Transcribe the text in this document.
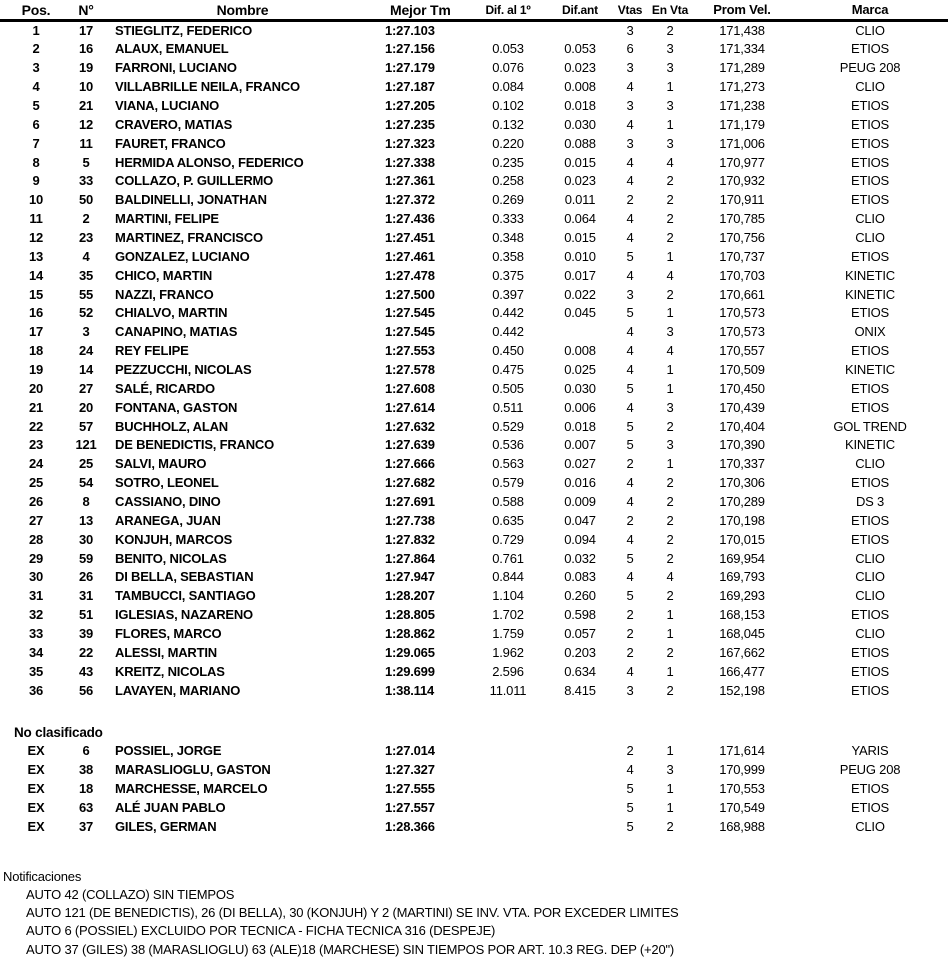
Pos.	N°	Nombre	Mejor Tm	Dif. al 1º	Dif.ant	Vtas	En Vta	Prom Vel.	Marca
1	17	STIEGLITZ, FEDERICO	1:27.103			3	2	171,438	CLIO
2	16	ALAUX, EMANUEL	1:27.156	0.053	0.053	6	3	171,334	ETIOS
3	19	FARRONI, LUCIANO	1:27.179	0.076	0.023	3	3	171,289	PEUG 208
4	10	VILLABRILLE NEILA, FRANCO	1:27.187	0.084	0.008	4	1	171,273	CLIO
5	21	VIANA, LUCIANO	1:27.205	0.102	0.018	3	3	171,238	ETIOS
6	12	CRAVERO, MATIAS	1:27.235	0.132	0.030	4	1	171,179	ETIOS
7	11	FAURET, FRANCO	1:27.323	0.220	0.088	3	3	171,006	ETIOS
8	5	HERMIDA ALONSO, FEDERICO	1:27.338	0.235	0.015	4	4	170,977	ETIOS
9	33	COLLAZO, P. GUILLERMO	1:27.361	0.258	0.023	4	2	170,932	ETIOS
10	50	BALDINELLI, JONATHAN	1:27.372	0.269	0.011	2	2	170,911	ETIOS
11	2	MARTINI, FELIPE	1:27.436	0.333	0.064	4	2	170,785	CLIO
12	23	MARTINEZ, FRANCISCO	1:27.451	0.348	0.015	4	2	170,756	CLIO
13	4	GONZALEZ, LUCIANO	1:27.461	0.358	0.010	5	1	170,737	ETIOS
14	35	CHICO, MARTIN	1:27.478	0.375	0.017	4	4	170,703	KINETIC
15	55	NAZZI, FRANCO	1:27.500	0.397	0.022	3	2	170,661	KINETIC
16	52	CHIALVO, MARTIN	1:27.545	0.442	0.045	5	1	170,573	ETIOS
17	3	CANAPINO, MATIAS	1:27.545	0.442		4	3	170,573	ONIX
18	24	REY FELIPE	1:27.553	0.450	0.008	4	4	170,557	ETIOS
19	14	PEZZUCCHI, NICOLAS	1:27.578	0.475	0.025	4	1	170,509	KINETIC
20	27	SALÉ, RICARDO	1:27.608	0.505	0.030	5	1	170,450	ETIOS
21	20	FONTANA, GASTON	1:27.614	0.511	0.006	4	3	170,439	ETIOS
22	57	BUCHHOLZ, ALAN	1:27.632	0.529	0.018	5	2	170,404	GOL TREND
23	121	DE BENEDICTIS, FRANCO	1:27.639	0.536	0.007	5	3	170,390	KINETIC
24	25	SALVI, MAURO	1:27.666	0.563	0.027	2	1	170,337	CLIO
25	54	SOTRO, LEONEL	1:27.682	0.579	0.016	4	2	170,306	ETIOS
26	8	CASSIANO, DINO	1:27.691	0.588	0.009	4	2	170,289	DS 3
27	13	ARANEGA, JUAN	1:27.738	0.635	0.047	2	2	170,198	ETIOS
28	30	KONJUH, MARCOS	1:27.832	0.729	0.094	4	2	170,015	ETIOS
29	59	BENITO, NICOLAS	1:27.864	0.761	0.032	5	2	169,954	CLIO
30	26	DI BELLA, SEBASTIAN	1:27.947	0.844	0.083	4	4	169,793	CLIO
31	31	TAMBUCCI, SANTIAGO	1:28.207	1.104	0.260	5	2	169,293	CLIO
32	51	IGLESIAS, NAZARENO	1:28.805	1.702	0.598	2	1	168,153	ETIOS
33	39	FLORES, MARCO	1:28.862	1.759	0.057	2	1	168,045	CLIO
34	22	ALESSI, MARTIN	1:29.065	1.962	0.203	2	2	167,662	ETIOS
35	43	KREITZ, NICOLAS	1:29.699	2.596	0.634	4	1	166,477	ETIOS
36	56	LAVAYEN, MARIANO	1:38.114	11.011	8.415	3	2	152,198	ETIOS
No clasificado
EX	6	POSSIEL, JORGE	1:27.014			2	1	171,614	YARIS
EX	38	MARASLIOGLU, GASTON	1:27.327			4	3	170,999	PEUG 208
EX	18	MARCHESSE, MARCELO	1:27.555			5	1	170,553	ETIOS
EX	63	ALÉ JUAN PABLO	1:27.557			5	1	170,549	ETIOS
EX	37	GILES, GERMAN	1:28.366			5	2	168,988	CLIO
Notificaciones
AUTO 42 (COLLAZO) SIN TIEMPOS
AUTO 121 (DE BENEDICTIS), 26 (DI BELLA), 30 (KONJUH) Y 2 (MARTINI) SE INV. VTA. POR EXCEDER LIMITES
AUTO 6 (POSSIEL) EXCLUIDO POR TECNICA - FICHA TECNICA 316 (DESPEJE)
AUTO 37 (GILES) 38 (MARASLIOGLU) 63 (ALE)18 (MARCHESE) SIN TIEMPOS POR ART. 10.3 REG. DEP (+20")
